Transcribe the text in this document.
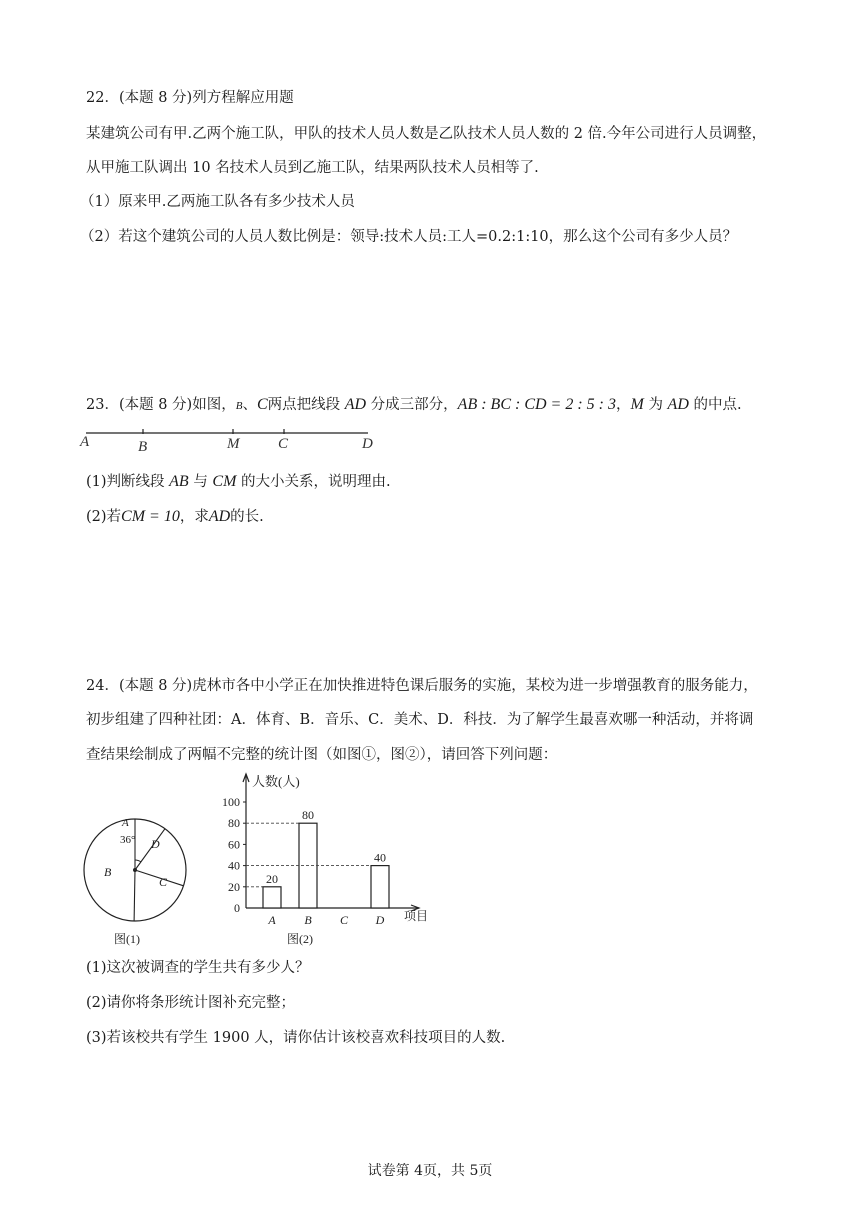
22．(本题 8 分)列方程解应用题
某建筑公司有甲.乙两个施工队，甲队的技术人员人数是乙队技术人员人数的 2 倍.今年公司进行人员调整，
从甲施工队调出 10 名技术人员到乙施工队，结果两队技术人员相等了.
（1）原来甲.乙两施工队各有多少技术人员
（2）若这个建筑公司的人员人数比例是：领导:技术人员:工人=0.2:1:10，那么这个公司有多少人员？
23．(本题 8 分)如图，B、C两点把线段 AD 分成三部分，AB : BC : CD = 2 : 5 : 3，M 为 AD 的中点.
A	B	M	C	D
(1)判断线段 AB 与 CM 的大小关系，说明理由.
(2)若CM = 10，求AD的长.
24．(本题 8 分)虎林市各中小学正在加快推进特色课后服务的实施，某校为进一步增强教育的服务能力，
初步组建了四种社团：A．体育、B．音乐、C．美术、D．科技．为了解学生最喜欢哪一种活动，并将调
查结果绘制成了两幅不完整的统计图（如图①，图②），请回答下列问题：
A
B
C
D
36°
图(1)
人数(人)
项目
图(2)
0
20
40
60
80
100
A
20
B
80
C D
40
(1)这次被调查的学生共有多少人？
(2)请你将条形统计图补充完整；
(3)若该校共有学生 1900 人，请你估计该校喜欢科技项目的人数.
试卷第 4页，共 5页
